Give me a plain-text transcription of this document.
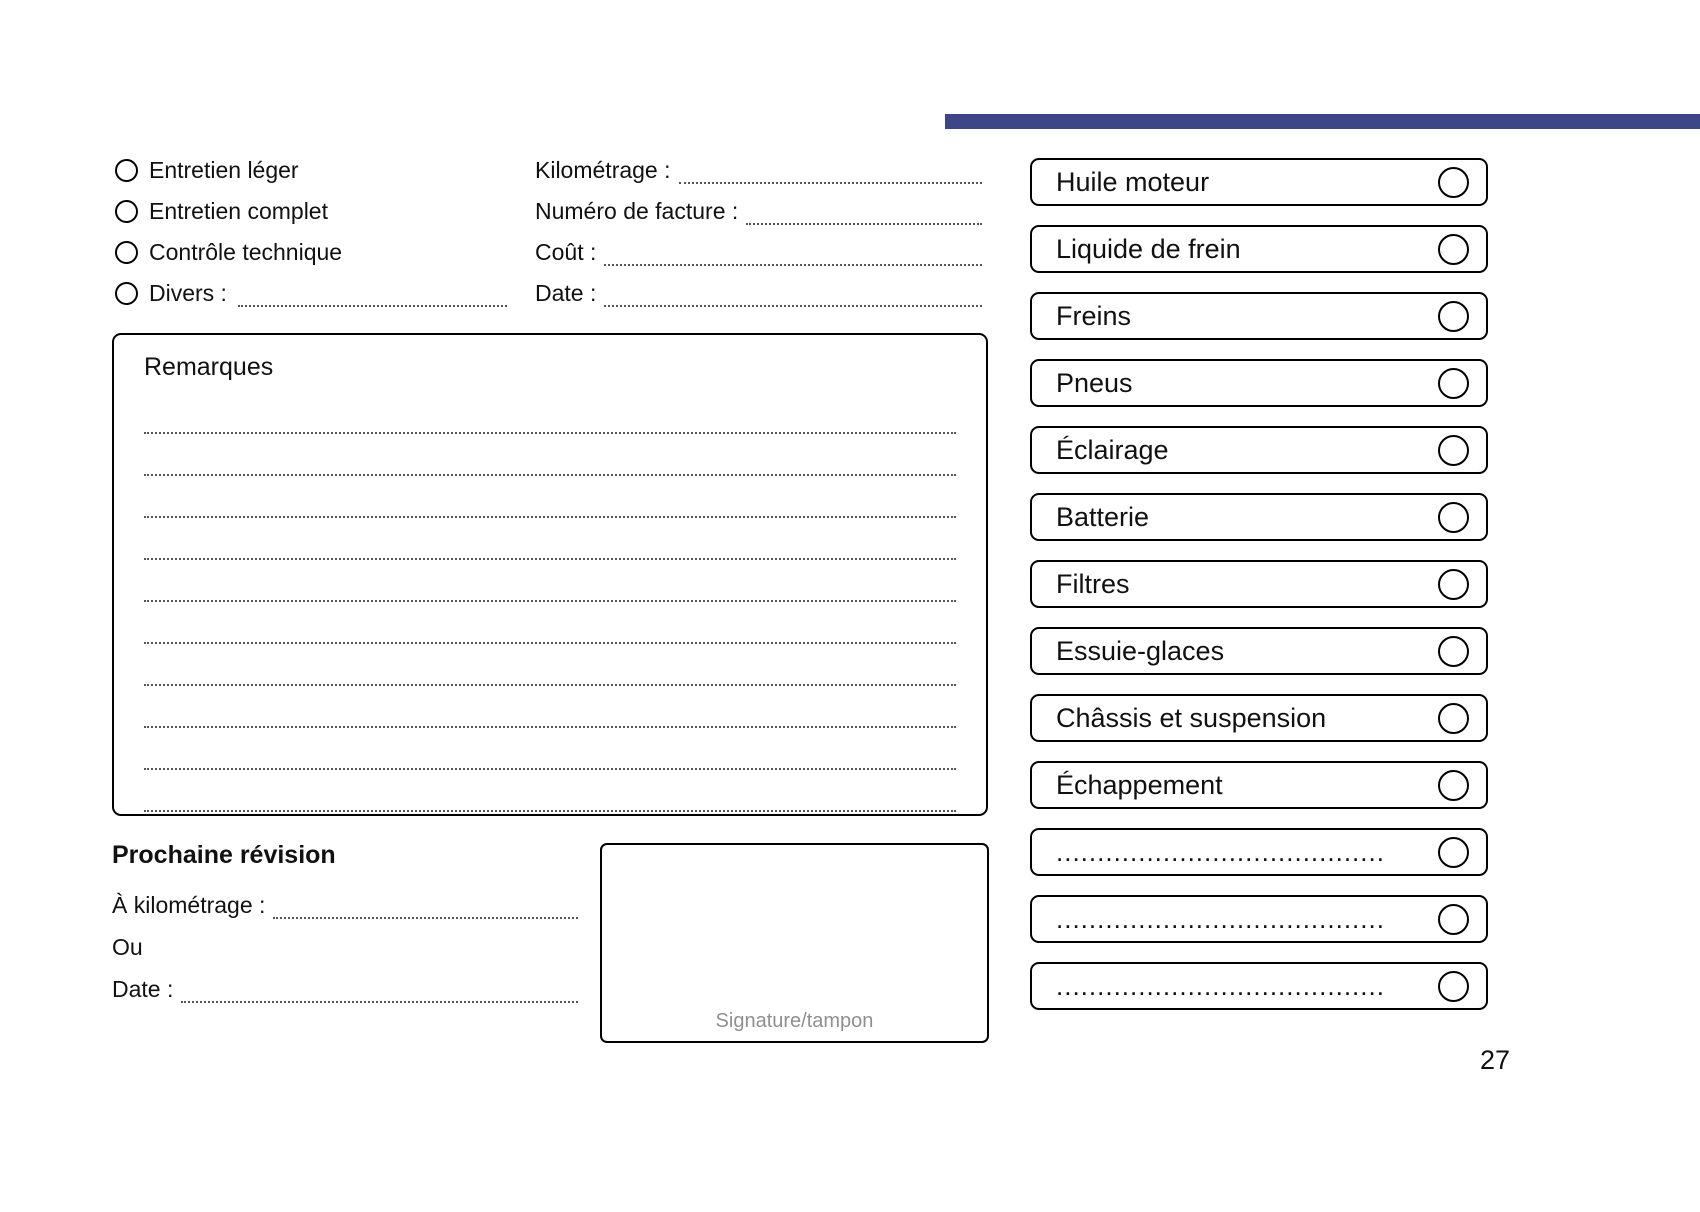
Entretien léger
Entretien complet
Contrôle technique
Divers :
Kilométrage :
Numéro de facture :
Coût :
Date :
Remarques
Prochaine révision
À kilométrage :
Ou
Date :
Signature/tampon
Huile moteur
Liquide de frein
Freins
Pneus
Éclairage
Batterie
Filtres
Essuie-glaces
Châssis et suspension
Échappement
........................................
........................................
........................................
27
